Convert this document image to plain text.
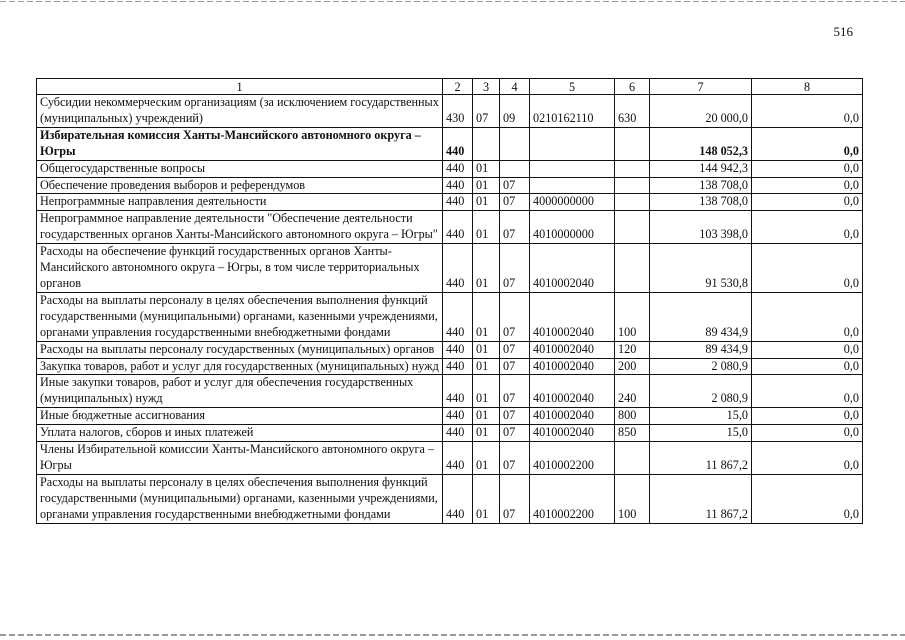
516
1	2	3	4	5	6	7	8
Субсидии некоммерческим организациям (за исключением государственных (муниципальных) учреждений)	430	07	09	0210162110	630	20 000,0	0,0
Избирательная комиссия Ханты-Мансийского автономного округа – Югры	440					148 052,3	0,0
Общегосударственные вопросы	440	01				144 942,3	0,0
Обеспечение проведения выборов и референдумов	440	01	07			138 708,0	0,0
Непрограммные направления деятельности	440	01	07	4000000000		138 708,0	0,0
Непрограммное направление деятельности "Обеспечение деятельности государственных органов Ханты-Мансийского автономного округа – Югры"	440	01	07	4010000000		103 398,0	0,0
Расходы на обеспечение функций государственных органов Ханты-Мансийского автономного округа – Югры, в том числе территориальных органов	440	01	07	4010002040		91 530,8	0,0
Расходы на выплаты персоналу в целях обеспечения выполнения функций государственными (муниципальными) органами, казенными учреждениями, органами управления государственными внебюджетными фондами	440	01	07	4010002040	100	89 434,9	0,0
Расходы на выплаты персоналу государственных (муниципальных) органов	440	01	07	4010002040	120	89 434,9	0,0
Закупка товаров, работ и услуг для государственных (муниципальных) нужд	440	01	07	4010002040	200	2 080,9	0,0
Иные закупки товаров, работ и услуг для обеспечения государственных (муниципальных) нужд	440	01	07	4010002040	240	2 080,9	0,0
Иные бюджетные ассигнования	440	01	07	4010002040	800	15,0	0,0
Уплата налогов, сборов и иных платежей	440	01	07	4010002040	850	15,0	0,0
Члены Избирательной комиссии Ханты-Мансийского автономного округа – Югры	440	01	07	4010002200		11 867,2	0,0
Расходы на выплаты персоналу в целях обеспечения выполнения функций государственными (муниципальными) органами, казенными учреждениями, органами управления государственными внебюджетными фондами	440	01	07	4010002200	100	11 867,2	0,0
